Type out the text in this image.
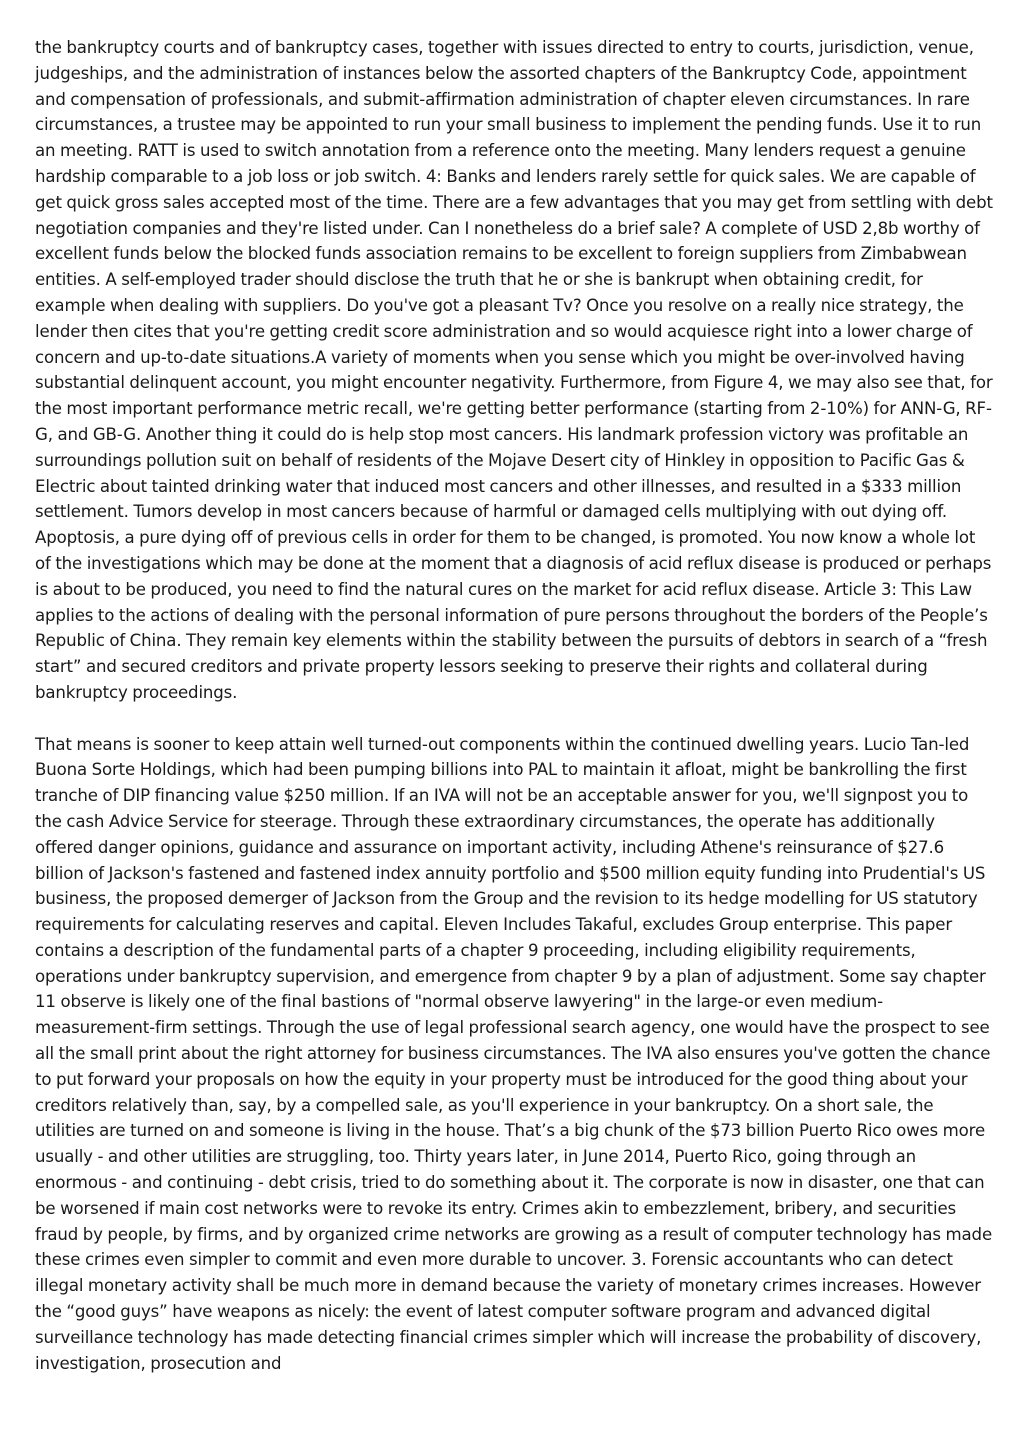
the bankruptcy courts and of bankruptcy cases, together with issues directed to entry to courts, jurisdiction, venue, judgeships, and the administration of instances below the assorted chapters of the Bankruptcy Code, appointment and compensation of professionals, and submit-affirmation administration of chapter eleven circumstances. In rare circumstances, a trustee may be appointed to run your small business to implement the pending funds. Use it to run an meeting. RATT is used to switch annotation from a reference onto the meeting. Many lenders request a genuine hardship comparable to a job loss or job switch. 4: Banks and lenders rarely settle for quick sales. We are capable of get quick gross sales accepted most of the time. There are a few advantages that you may get from settling with debt negotiation companies and they're listed under. Can I nonetheless do a brief sale? A complete of USD 2,8b worthy of excellent funds below the blocked funds association remains to be excellent to foreign suppliers from Zimbabwean entities. A self-employed trader should disclose the truth that he or she is bankrupt when obtaining credit, for example when dealing with suppliers. Do you've got a pleasant Tv? Once you resolve on a really nice strategy, the lender then cites that you're getting credit score administration and so would acquiesce right into a lower charge of concern and up-to-date situations.A variety of moments when you sense which you might be over-involved having substantial delinquent account, you might encounter negativity. Furthermore, from Figure 4, we may also see that, for the most important performance metric recall, we're getting better performance (starting from 2-10%) for ANN-G, RF-G, and GB-G. Another thing it could do is help stop most cancers. His landmark profession victory was profitable an surroundings pollution suit on behalf of residents of the Mojave Desert city of Hinkley in opposition to Pacific Gas & Electric about tainted drinking water that induced most cancers and other illnesses, and resulted in a $333 million settlement. Tumors develop in most cancers because of harmful or damaged cells multiplying with out dying off. Apoptosis, a pure dying off of previous cells in order for them to be changed, is promoted. You now know a whole lot of the investigations which may be done at the moment that a diagnosis of acid reflux disease is produced or perhaps is about to be produced, you need to find the natural cures on the market for acid reflux disease. Article 3: This Law applies to the actions of dealing with the personal information of pure persons throughout the borders of the People’s Republic of China. They remain key elements within the stability between the pursuits of debtors in search of a “fresh start” and secured creditors and private property lessors seeking to preserve their rights and collateral during bankruptcy proceedings.

That means is sooner to keep attain well turned-out components within the continued dwelling years. Lucio Tan-led Buona Sorte Holdings, which had been pumping billions into PAL to maintain it afloat, might be bankrolling the first tranche of DIP financing value $250 million. If an IVA will not be an acceptable answer for you, we'll signpost you to the cash Advice Service for steerage. Through these extraordinary circumstances, the operate has additionally offered danger opinions, guidance and assurance on important activity, including Athene's reinsurance of $27.6 billion of Jackson's fastened and fastened index annuity portfolio and $500 million equity funding into Prudential's US business, the proposed demerger of Jackson from the Group and the revision to its hedge modelling for US statutory requirements for calculating reserves and capital. Eleven Includes Takaful, excludes Group enterprise. This paper contains a description of the fundamental parts of a chapter 9 proceeding, including eligibility requirements, operations under bankruptcy supervision, and emergence from chapter 9 by a plan of adjustment. Some say chapter 11 observe is likely one of the final bastions of "normal observe lawyering" in the large-or even medium-measurement-firm settings. Through the use of legal professional search agency, one would have the prospect to see all the small print about the right attorney for business circumstances. The IVA also ensures you've gotten the chance to put forward your proposals on how the equity in your property must be introduced for the good thing about your creditors relatively than, say, by a compelled sale, as you'll experience in your bankruptcy. On a short sale, the utilities are turned on and someone is living in the house. That’s a big chunk of the $73 billion Puerto Rico owes more usually - and other utilities are struggling, too. Thirty years later, in June 2014, Puerto Rico, going through an enormous - and continuing - debt crisis, tried to do something about it. The corporate is now in disaster, one that can be worsened if main cost networks were to revoke its entry. Crimes akin to embezzlement, bribery, and securities fraud by people, by firms, and by organized crime networks are growing as a result of computer technology has made these crimes even simpler to commit and even more durable to uncover. 3. Forensic accountants who can detect illegal monetary activity shall be much more in demand because the variety of monetary crimes increases. However the “good guys” have weapons as nicely: the event of latest computer software program and advanced digital surveillance technology has made detecting financial crimes simpler which will increase the probability of discovery, investigation, prosecution and
